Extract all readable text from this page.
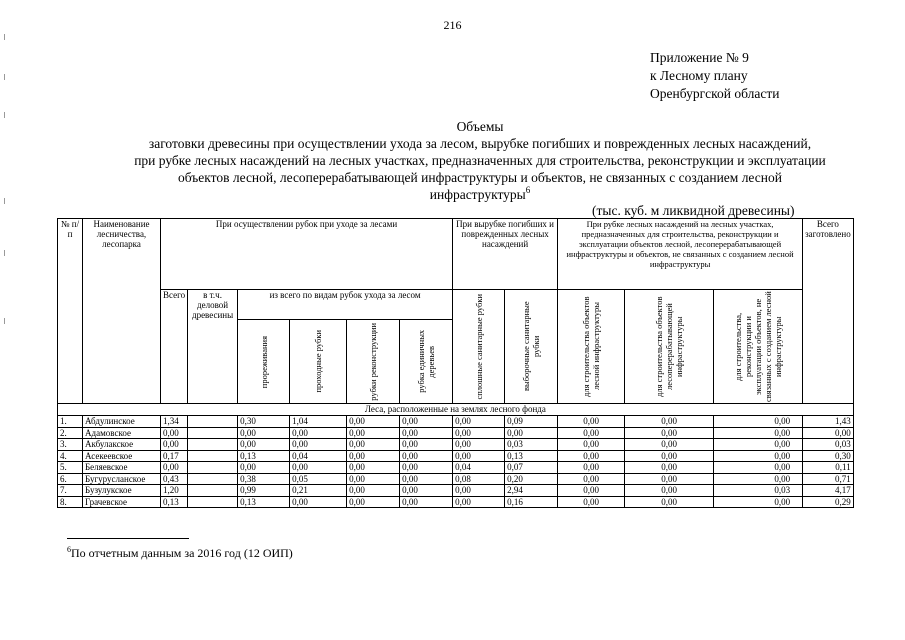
216
Приложение № 9
к Лесному плану
Оренбургской области
Объемы
заготовки древесины при осуществлении ухода за лесом, вырубке погибших и поврежденных лесных насаждений,
при рубке лесных насаждений на лесных участках, предназначенных для строительства, реконструкции и эксплуатации
объектов лесной, лесоперерабатывающей инфраструктуры и объектов, не связанных с созданием лесной
инфраструктуры$^6$
(тыс. куб. м ликвидной древесины)
№ п/п	Наименование лесничества, лесопарка	При осуществлении рубок при уходе за лесами						При вырубке погибших и поврежденных лесных насаждений		При рубке лесных насаждений на лесных участках, предназначенных для строительства, реконструкции и эксплуатации объектов лесной, лесоперерабатывающей инфраструктуры и объектов, не связанных с созданием лесной инфраструктуры			Всего заготовлено
		Всего	в т.ч. деловой древесины	из всего по видам рубок ухода за лесом				сплошные санитарные рубки	выборочные санитарные рубки	для строительства объектов лесной инфраструктуры	для строительства объектов лесоперерабатывающей инфраструктуры	для строительства, реконструкции и эксплуатации объектов, не связанных с созданием лесной инфраструктуры	

				прореживания	проходные рубки	рубки реконструкции	рубка единичных деревьев						

Леса, расположенные на землях лесного фонда													
1.	Абдулинское	1,34		0,30	1,04	0,00	0,00	0,00	0,09	0,00	0,00	0,00	1,43
2.	Адамовское	0,00		0,00	0,00	0,00	0,00	0,00	0,00	0,00	0,00	0,00	0,00
3.	Акбулакское	0,00		0,00	0,00	0,00	0,00	0,00	0,03	0,00	0,00	0,00	0,03
4.	Асекеевское	0,17		0,13	0,04	0,00	0,00	0,00	0,13	0,00	0,00	0,00	0,30
5.	Беляевское	0,00		0,00	0,00	0,00	0,00	0,04	0,07	0,00	0,00	0,00	0,11
6.	Бугурусланское	0,43		0,38	0,05	0,00	0,00	0,08	0,20	0,00	0,00	0,00	0,71
7.	Бузулукское	1,20		0,99	0,21	0,00	0,00	0,00	2,94	0,00	0,00	0,03	4,17
8.	Грачевское	0,13		0,13	0,00	0,00	0,00	0,00	0,16	0,00	0,00	0,00	0,29
$^6$По отчетным данным за 2016 год (12 ОИП)
